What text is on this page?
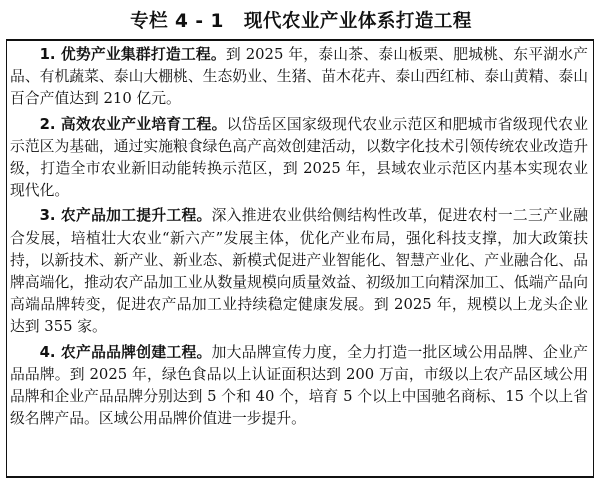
专栏 4 - 1 现代农业产业体系打造工程

1. 优势产业集群打造工程。到 2025 年，泰山茶、泰山板栗、肥城桃、东平湖水产品、有机蔬菜、泰山大棚桃、生态奶业、生猪、苗木花卉、泰山西红柿、泰山黄精、泰山百合产值达到 210 亿元。

2. 高效农业产业培育工程。以岱岳区国家级现代农业示范区和肥城市省级现代农业示范区为基础，通过实施粮食绿色高产高效创建活动，以数字化技术引领传统农业改造升级，打造全市农业新旧动能转换示范区，到 2025 年，县域农业示范区内基本实现农业现代化。

3. 农产品加工提升工程。深入推进农业供给侧结构性改革，促进农村一二三产业融合发展，培植壮大农业“新六产”发展主体，优化产业布局，强化科技支撑，加大政策扶持，以新技术、新产业、新业态、新模式促进产业智能化、智慧产业化、产业融合化、品牌高端化，推动农产品加工业从数量规模向质量效益、初级加工向精深加工、低端产品向高端品牌转变，促进农产品加工业持续稳定健康发展。到 2025 年，规模以上龙头企业达到 355 家。

4. 农产品品牌创建工程。加大品牌宣传力度，全力打造一批区域公用品牌、企业产品品牌。到 2025 年，绿色食品以上认证面积达到 200 万亩，市级以上农产品区域公用品牌和企业产品品牌分别达到 5 个和 40 个，培育 5 个以上中国驰名商标、15 个以上省级名牌产品。区域公用品牌价值进一步提升。
